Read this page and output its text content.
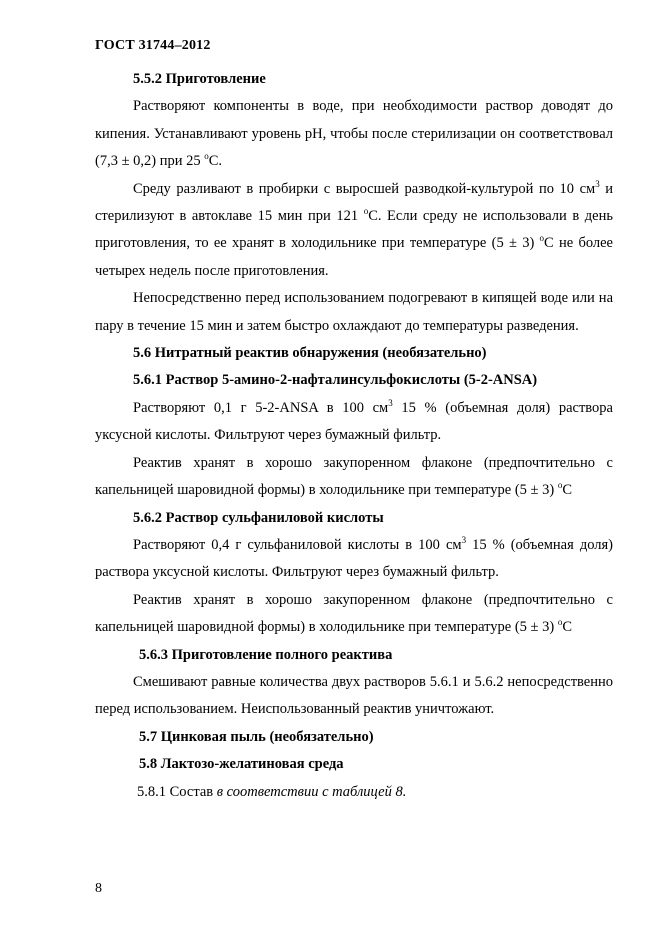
ГОСТ 31744–2012

5.5.2 Приготовление

Растворяют компоненты в воде, при необходимости раствор доводят до кипения. Устанавливают уровень pH, чтобы после стерилизации он соответствовал (7,3 ± 0,2) при 25 $^о$С.

Среду разливают в пробирки с выросшей разводкой-культурой по 10 $см^3$ и стерилизуют в автоклаве 15 мин при 121 $^о$С. Если среду не использовали в день приготовления, то ее хранят в холодильнике при температуре (5 ± 3) $^о$С не более четырех недель после приготовления.

Непосредственно перед использованием подогревают в кипящей воде или на пару в течение 15 мин и затем быстро охлаждают до температуры разведения.

5.6 Нитратный реактив обнаружения (необязательно)

5.6.1 Раствор 5-амино-2-нафталинсульфокислоты (5-2-ANSA)

Растворяют 0,1 г 5-2-ANSA в 100 $см^3$ 15 % (объемная доля) раствора уксусной кислоты. Фильтруют через бумажный фильтр.

Реактив хранят в хорошо закупоренном флаконе (предпочтительно с капельницей шаровидной формы) в холодильнике при температуре (5 ± 3) $^о$С

5.6.2 Раствор сульфаниловой кислоты

Растворяют 0,4 г сульфаниловой кислоты в 100 $см^3$ 15 % (объемная доля) раствора уксусной кислоты. Фильтруют через бумажный фильтр.

Реактив хранят в хорошо закупоренном флаконе (предпочтительно с капельницей шаровидной формы) в холодильнике при температуре (5 ± 3) $^о$С

5.6.3 Приготовление полного реактива

Смешивают равные количества двух растворов 5.6.1 и 5.6.2 непосредственно перед использованием. Неиспользованный реактив уничтожают.

5.7 Цинковая пыль (необязательно)

5.8 Лактозо-желатиновая среда

5.8.1 Состав в соответствии с таблицей 8.

8
